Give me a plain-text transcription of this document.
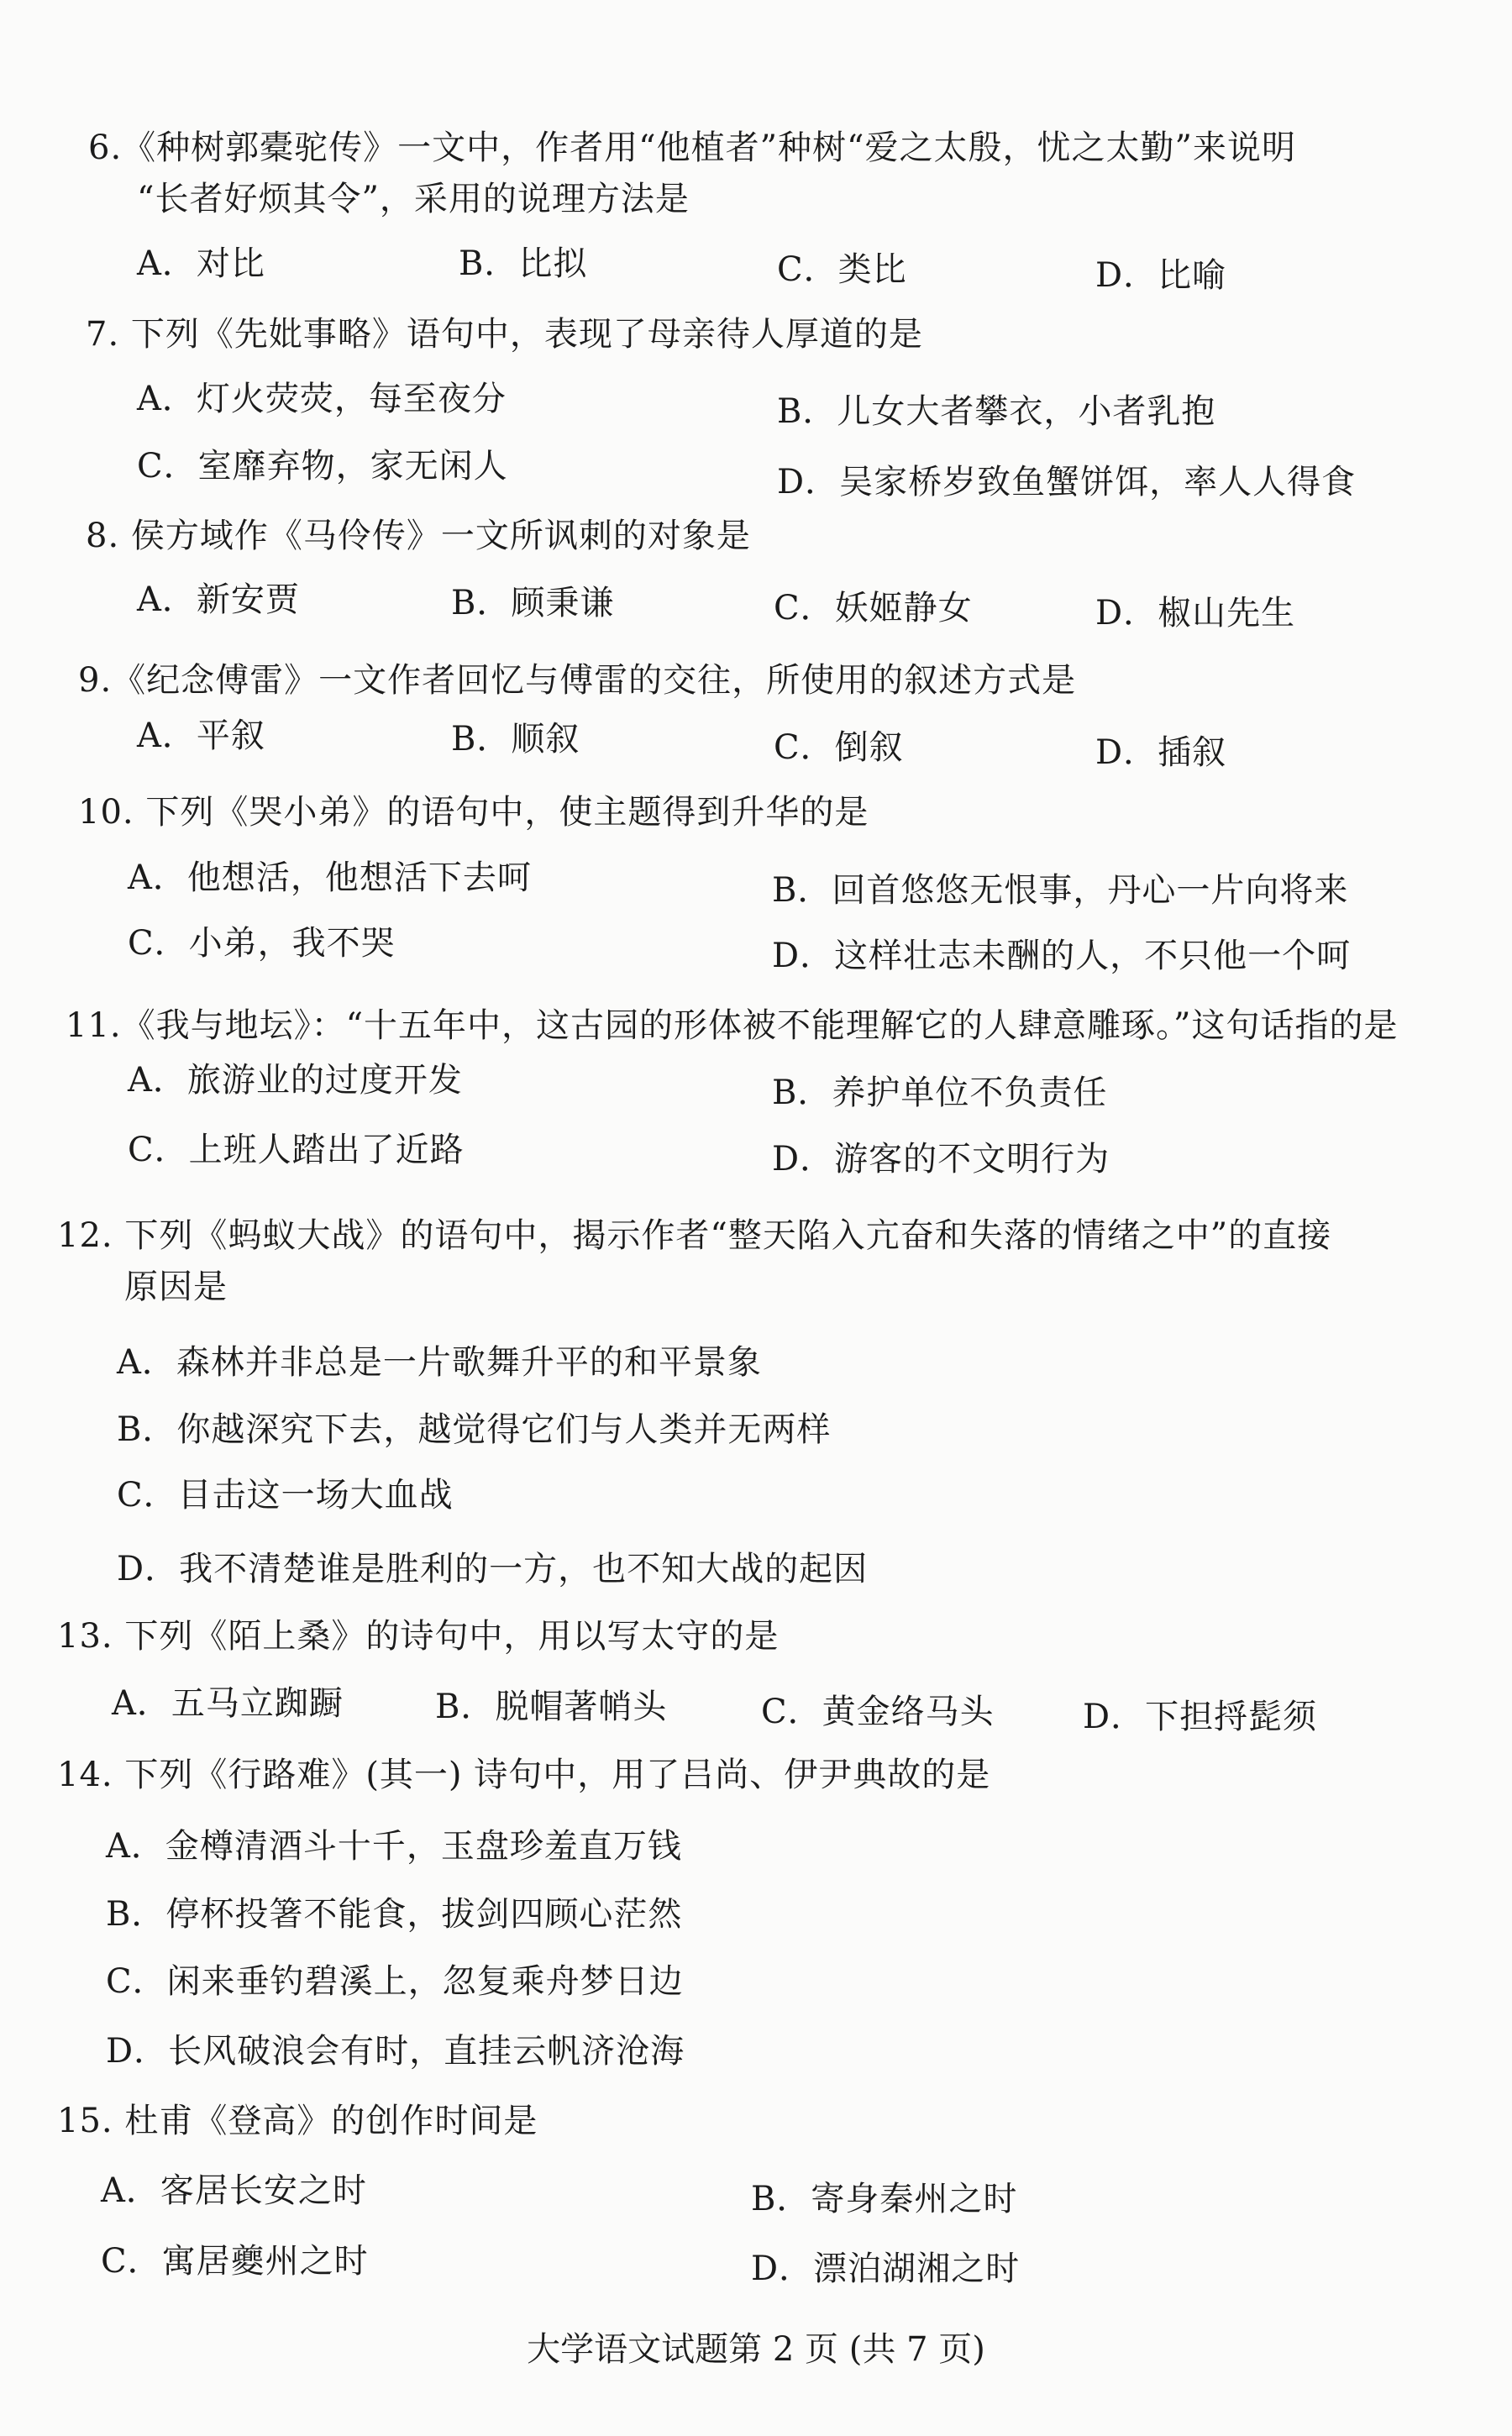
6.《种树郭橐驼传》一文中，作者用“他植者”种树“爱之太殷，忧之太勤”来说明
“长者好烦其令”，采用的说理方法是
A．对比	B．比拟	C．类比	D．比喻
7. 下列《先妣事略》语句中，表现了母亲待人厚道的是
A．灯火荧荧，每至夜分	B．儿女大者攀衣，小者乳抱
C．室靡弃物，家无闲人	D．吴家桥岁致鱼蟹饼饵，率人人得食
8. 侯方域作《马伶传》一文所讽刺的对象是
A．新安贾	B．顾秉谦	C．妖姬静女	D．椒山先生
9.《纪念傅雷》一文作者回忆与傅雷的交往，所使用的叙述方式是
A．平叙	B．顺叙	C．倒叙	D．插叙
10. 下列《哭小弟》的语句中，使主题得到升华的是
A．他想活，他想活下去呵	B．回首悠悠无恨事，丹心一片向将来
C．小弟，我不哭	D．这样壮志未酬的人，不只他一个呵
11.《我与地坛》：“十五年中，这古园的形体被不能理解它的人肆意雕琢。”这句话指的是
A．旅游业的过度开发	B．养护单位不负责任
C．上班人踏出了近路	D．游客的不文明行为
12. 下列《蚂蚁大战》的语句中，揭示作者“整天陷入亢奋和失落的情绪之中”的直接
原因是
A．森林并非总是一片歌舞升平的和平景象
B．你越深究下去，越觉得它们与人类并无两样
C．目击这一场大血战
D．我不清楚谁是胜利的一方，也不知大战的起因
13. 下列《陌上桑》的诗句中，用以写太守的是
A．五马立踟蹰	B．脱帽著帩头	C．黄金络马头	D．下担捋髭须
14. 下列《行路难》(其一) 诗句中，用了吕尚、伊尹典故的是
A．金樽清酒斗十千，玉盘珍羞直万钱
B．停杯投箸不能食，拔剑四顾心茫然
C．闲来垂钓碧溪上，忽复乘舟梦日边
D．长风破浪会有时，直挂云帆济沧海
15. 杜甫《登高》的创作时间是
A．客居长安之时	B．寄身秦州之时
C．寓居夔州之时	D．漂泊湖湘之时
大学语文试题第 2 页 (共 7 页)
